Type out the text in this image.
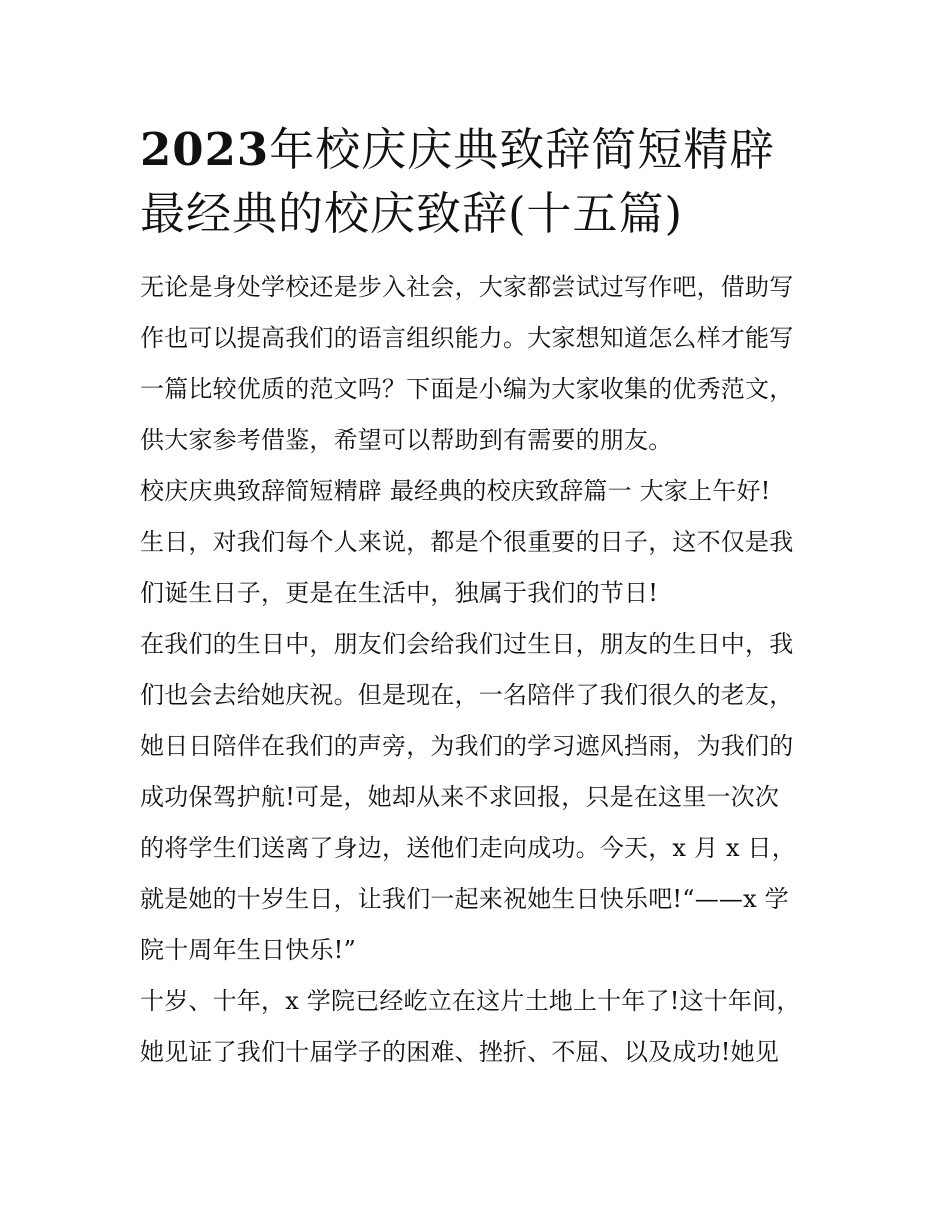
2023年校庆庆典致辞简短精辟
最经典的校庆致辞(十五篇)

无论是身处学校还是步入社会，大家都尝试过写作吧，借助写
作也可以提高我们的语言组织能力。大家想知道怎么样才能写
一篇比较优质的范文吗？下面是小编为大家收集的优秀范文，
供大家参考借鉴，希望可以帮助到有需要的朋友。

校庆庆典致辞简短精辟 最经典的校庆致辞篇一 大家上午好!

生日，对我们每个人来说，都是个很重要的日子，这不仅是我
们诞生日子，更是在生活中，独属于我们的节日!

在我们的生日中，朋友们会给我们过生日，朋友的生日中，我
们也会去给她庆祝。但是现在，一名陪伴了我们很久的老友，
她日日陪伴在我们的声旁，为我们的学习遮风挡雨，为我们的
成功保驾护航!可是，她却从来不求回报，只是在这里一次次
的将学生们送离了身边，送他们走向成功。今天，x 月 x 日，
就是她的十岁生日，让我们一起来祝她生日快乐吧!“——x 学
院十周年生日快乐!”

十岁、十年，x 学院已经屹立在这片土地上十年了!这十年间，
她见证了我们十届学子的困难、挫折、不屈、以及成功!她见
